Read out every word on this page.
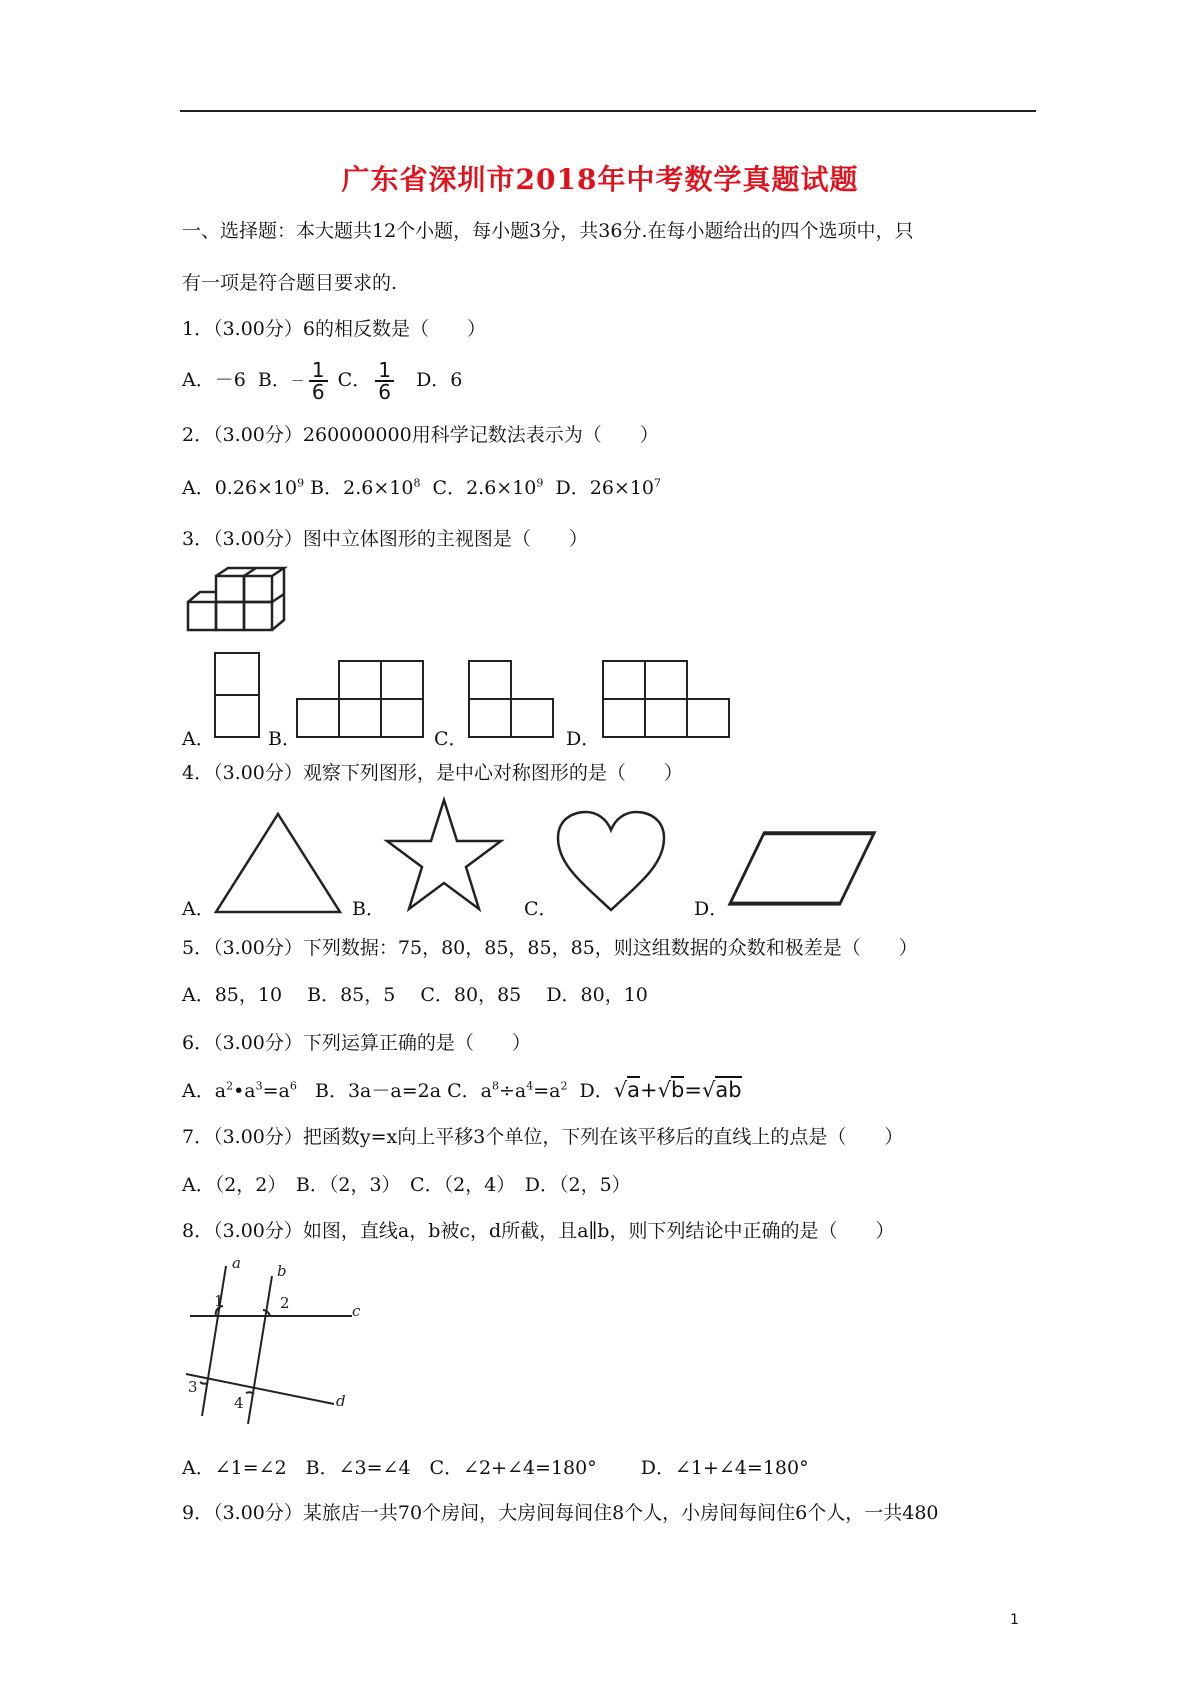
广东省深圳市2018年中考数学真题试题
一、选择题：本大题共12个小题，每小题3分，共36分.在每小题给出的四个选项中，只
有一项是符合题目要求的.
1．（3.00分）6的相反数是（　　）
A．－6 B．－ $\frac{1}{6}$ C． $\frac{1}{6}$ D．6
2．（3.00分）260000000用科学记数法表示为（　　）
A．$0.26\times 10^9$ B．$2.6\times 10^8$ C．$2.6\times 10^9$ D．$26\times 10^7$
3．（3.00分）图中立体图形的主视图是（　　）
A．	B．	C．	D．
4．（3.00分）观察下列图形，是中心对称图形的是（　　）
A．	B．	C．	D．
5．（3.00分）下列数据：75，80，85，85，85，则这组数据的众数和极差是（　　）
A．85，10　 B．85，5　 C．80，85　 D．80，10
6．（3.00分）下列运算正确的是（　　）
A．$a^2•a^3=a^6$ B．3a－a=2a C．$a^8\div a^4=a^2$ D．√a+√b=√ab
7．（3.00分）把函数y=x向上平移3个单位，下列在该平移后的直线上的点是（　　）
A．（2，2）　B．（2，3）　C．（2，4）　D．（2，5）
8．（3.00分）如图，直线a，b被c，d所截，且a∥b，则下列结论中正确的是（　　）
a b
c
d
1	2
3
4
A．∠1=∠2　B．∠3=∠4　C．∠2+∠4=180°　　 D．∠1+∠4=180°
9．（3.00分）某旅店一共70个房间，大房间每间住8个人，小房间每间住6个人，一共480
1
